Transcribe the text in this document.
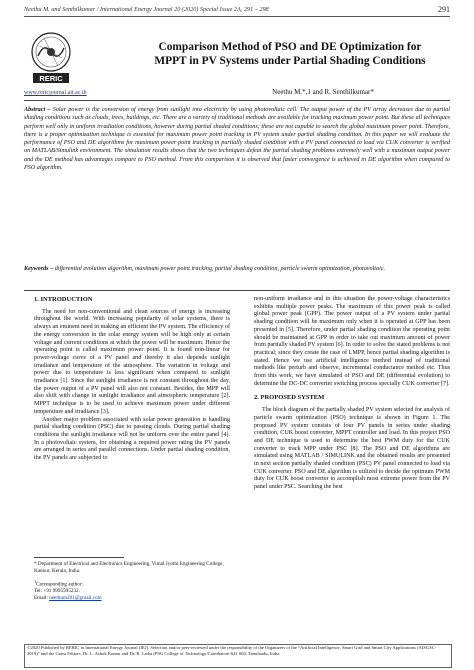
Neethu M. and Senthilkumar / International Energy Journal 20 (2020) Special Issue 2A, 291 – 298	291
RERIC
www.rericjournal.ait.ac.th
Comparison Method of PSO and DE Optimization for MPPT in PV Systems under Partial Shading Conditions
Neethu M.*,1 and R. Senthilkumar*
Abstract – Solar power is the conversion of energy from sunlight into electricity by using photovoltaic cell. The output power of the PV array decreases due to partial shading conditions such as clouds, trees, buildings, etc. There are a variety of traditional methods are available for tracking maximum power point. But these all techniques perform well only in uniform irradiation conditions, however during partial shaded conditions; these are not capable to search the global maximum power point. Therefore, there is a proper optimization technique is essential for maximum power point tracking in PV system under partial shading condition. In this paper we will evaluate the performance of PSO and DE algorithms for maximum power point tracking in partially shaded condition with a PV panel connected to load via CUK converter is verified on MATLAB/Simulink environment. The simulation results shows that the two techniques defeat the partial shading problems extremely well with a maximum output power and the DE method has advantages compare to PSO method. From this comparison it is observed that faster convergence is achieved in DE algorithm when compared to PSO algorithm.
Keywords – differential evolution algorithm, maximum power point tracking, partial shading condition, particle swarm optimization, photovoltaic.
1. INTRODUCTION

The need for non-conventional and clean sources of energy is increasing throughout the world. With increasing popularity of solar systems, there is always an eminent need in making an efficient the PV system. The efficiency of the energy conversion in the solar energy system will be high only at certain voltage and current conditions at which the power will be maximum. Hence the operating point is called maximum power point. It is found non-linear for power-voltage curve of a PV panel and thereby it also depends sunlight irradiance and temperature of the atmosphere. The variation in voltage and power due to temperature is less significant when compared to sunlight irradiance [1]. Since the sunlight irradiance is not constant throughout the day, the power output of a PV panel will also not constant. Besides, the MPP will also shift with change in sunlight irradiance and atmospheric temperature [2]. MPPT technique is to be used to achieve maximum power under different temperature and irradiance [3].

Another major problem associated with solar power generation is handling partial shading condition (PSC) due to passing clouds. During partial shading conditions the sunlight irradiance will not be uniform over the entire panel [4]. In a photovoltaic system, for obtaining a required power rating the PV panels are arranged in series and parallel connections. Under partial shading condition, the PV panels are subjected to

* Department of Electrical and Electronics Engineering, Vimal Jyothi Engineering College, Kannur, Kerala, India.
$^1$Corresponding author:
Tel: +91 9995595232.
Email: neethum201@gmail.com

non-uniform irradiance and in this situation the power-voltage characteristics exhibits multiple power peaks. The maximum of this power peak is called global power peak (GPP). The power output of a PV system under partial shading condition will be maximum only when it is operated at GPP has been presented in [5]. Therefore, under partial shading condition the operating point should be maintained at GPP in order to take out maximum amount of power from partially shaded PV system [6]. In order to solve the stated problems is not practical; since they create the case of LMPP, hence partial shading algorithm is stated. Hence we use artificial intelligence method instead of traditional methods like perturb and observe, incremental conductance method etc. Thus from this work, we have simulated of PSO and DE (differential evolution) to determine the DC-DC converter switching process specially CUK converter [7].

2. PROPOSED SYSTEM

The block diagram of the partially shaded PV system selected for analysis of particle swarm optimization (PSO) technique is shown in Figure 1. The proposed PV system consists of four PV panels in series under shading condition, CUK boost converter, MPPT controller and load. In this project PSO and DE technique is used to determine the best PWM duty for the CUK converter to track MPP under PSC [8]. The PSO and DE algorithms are simulated using MATLAB / SIMULINK and the obtained results are presented in next section partially shaded condition (PSC) PV panel connected to load via CUK converter. PSO and DE algorithm is utilized to decide the optimum PWM duty for CUK boost converter to accomplish most extreme power from the PV panel under PSC. Searching the best

©2020 Published by RERIC in International Energy Journal (IEJ). Selection and/or peer-reviewed under the responsibility of the Organizers of the “Artificial Intelligence, Smart Grid and Smart City Applications (AISGSC-2019)” and the Guest Editors, Dr. L. Ashok Kumar and Dr. R. Latha (PSG College of Technology/Coimbatore-641 004, Tamilnadu, India.
